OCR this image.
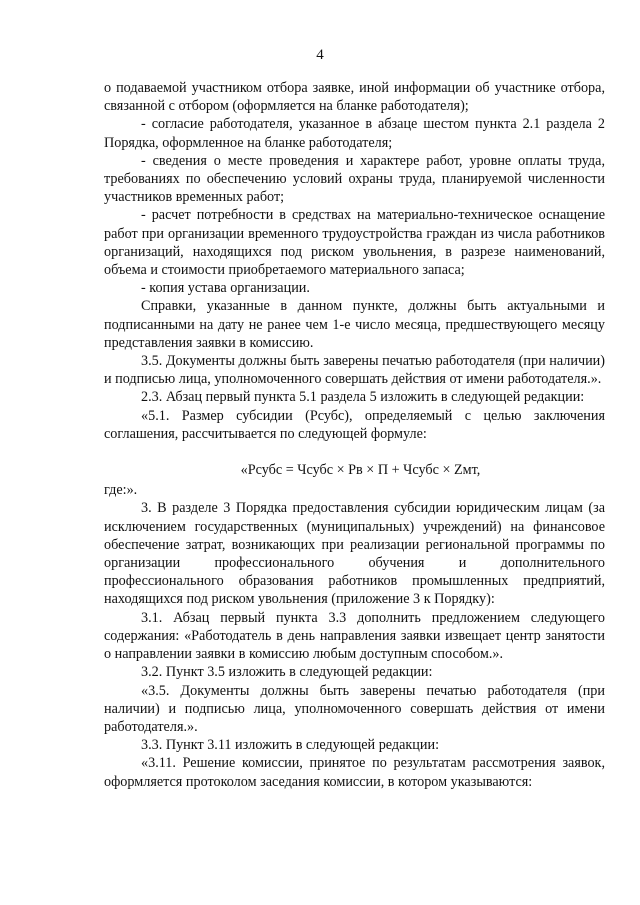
4

о подаваемой участником отбора заявке, иной информации об участнике отбора, связанной с отбором (оформляется на бланке работодателя);

- согласие работодателя, указанное в абзаце шестом пункта 2.1 раздела 2 Порядка, оформленное на бланке работодателя;

- сведения о месте проведения и характере работ, уровне оплаты труда, требованиях по обеспечению условий охраны труда, планируемой численности участников временных работ;

- расчет потребности в средствах на материально-техническое оснащение работ при организации временного трудоустройства граждан из числа работников организаций, находящихся под риском увольнения, в разрезе наименований, объема и стоимости приобретаемого материального запаса;

- копия устава организации.

Справки, указанные в данном пункте, должны быть актуальными и подписанными на дату не ранее чем 1-е число месяца, предшествующего месяцу представления заявки в комиссию.

3.5. Документы должны быть заверены печатью работодателя (при наличии) и подписью лица, уполномоченного совершать действия от имени работодателя.».

2.3. Абзац первый пункта 5.1 раздела 5 изложить в следующей редакции:

«5.1. Размер субсидии (Рсубс), определяемый с целью заключения соглашения, рассчитывается по следующей формуле:

«Рсубс = Чсубс × Рв × П + Чсубс × Zмт,

где:».

3. В разделе 3 Порядка предоставления субсидии юридическим лицам (за исключением государственных (муниципальных) учреждений) на финансовое обеспечение затрат, возникающих при реализации региональной программы по организации профессионального обучения и дополнительного профессионального образования работников промышленных предприятий, находящихся под риском увольнения (приложение 3 к Порядку):

3.1. Абзац первый пункта 3.3 дополнить предложением следующего содержания: «Работодатель в день направления заявки извещает центр занятости о направлении заявки в комиссию любым доступным способом.».

3.2. Пункт 3.5 изложить в следующей редакции:

«3.5. Документы должны быть заверены печатью работодателя (при наличии) и подписью лица, уполномоченного совершать действия от имени работодателя.».

3.3. Пункт 3.11 изложить в следующей редакции:

«3.11. Решение комиссии, принятое по результатам рассмотрения заявок, оформляется протоколом заседания комиссии, в котором указываются:
